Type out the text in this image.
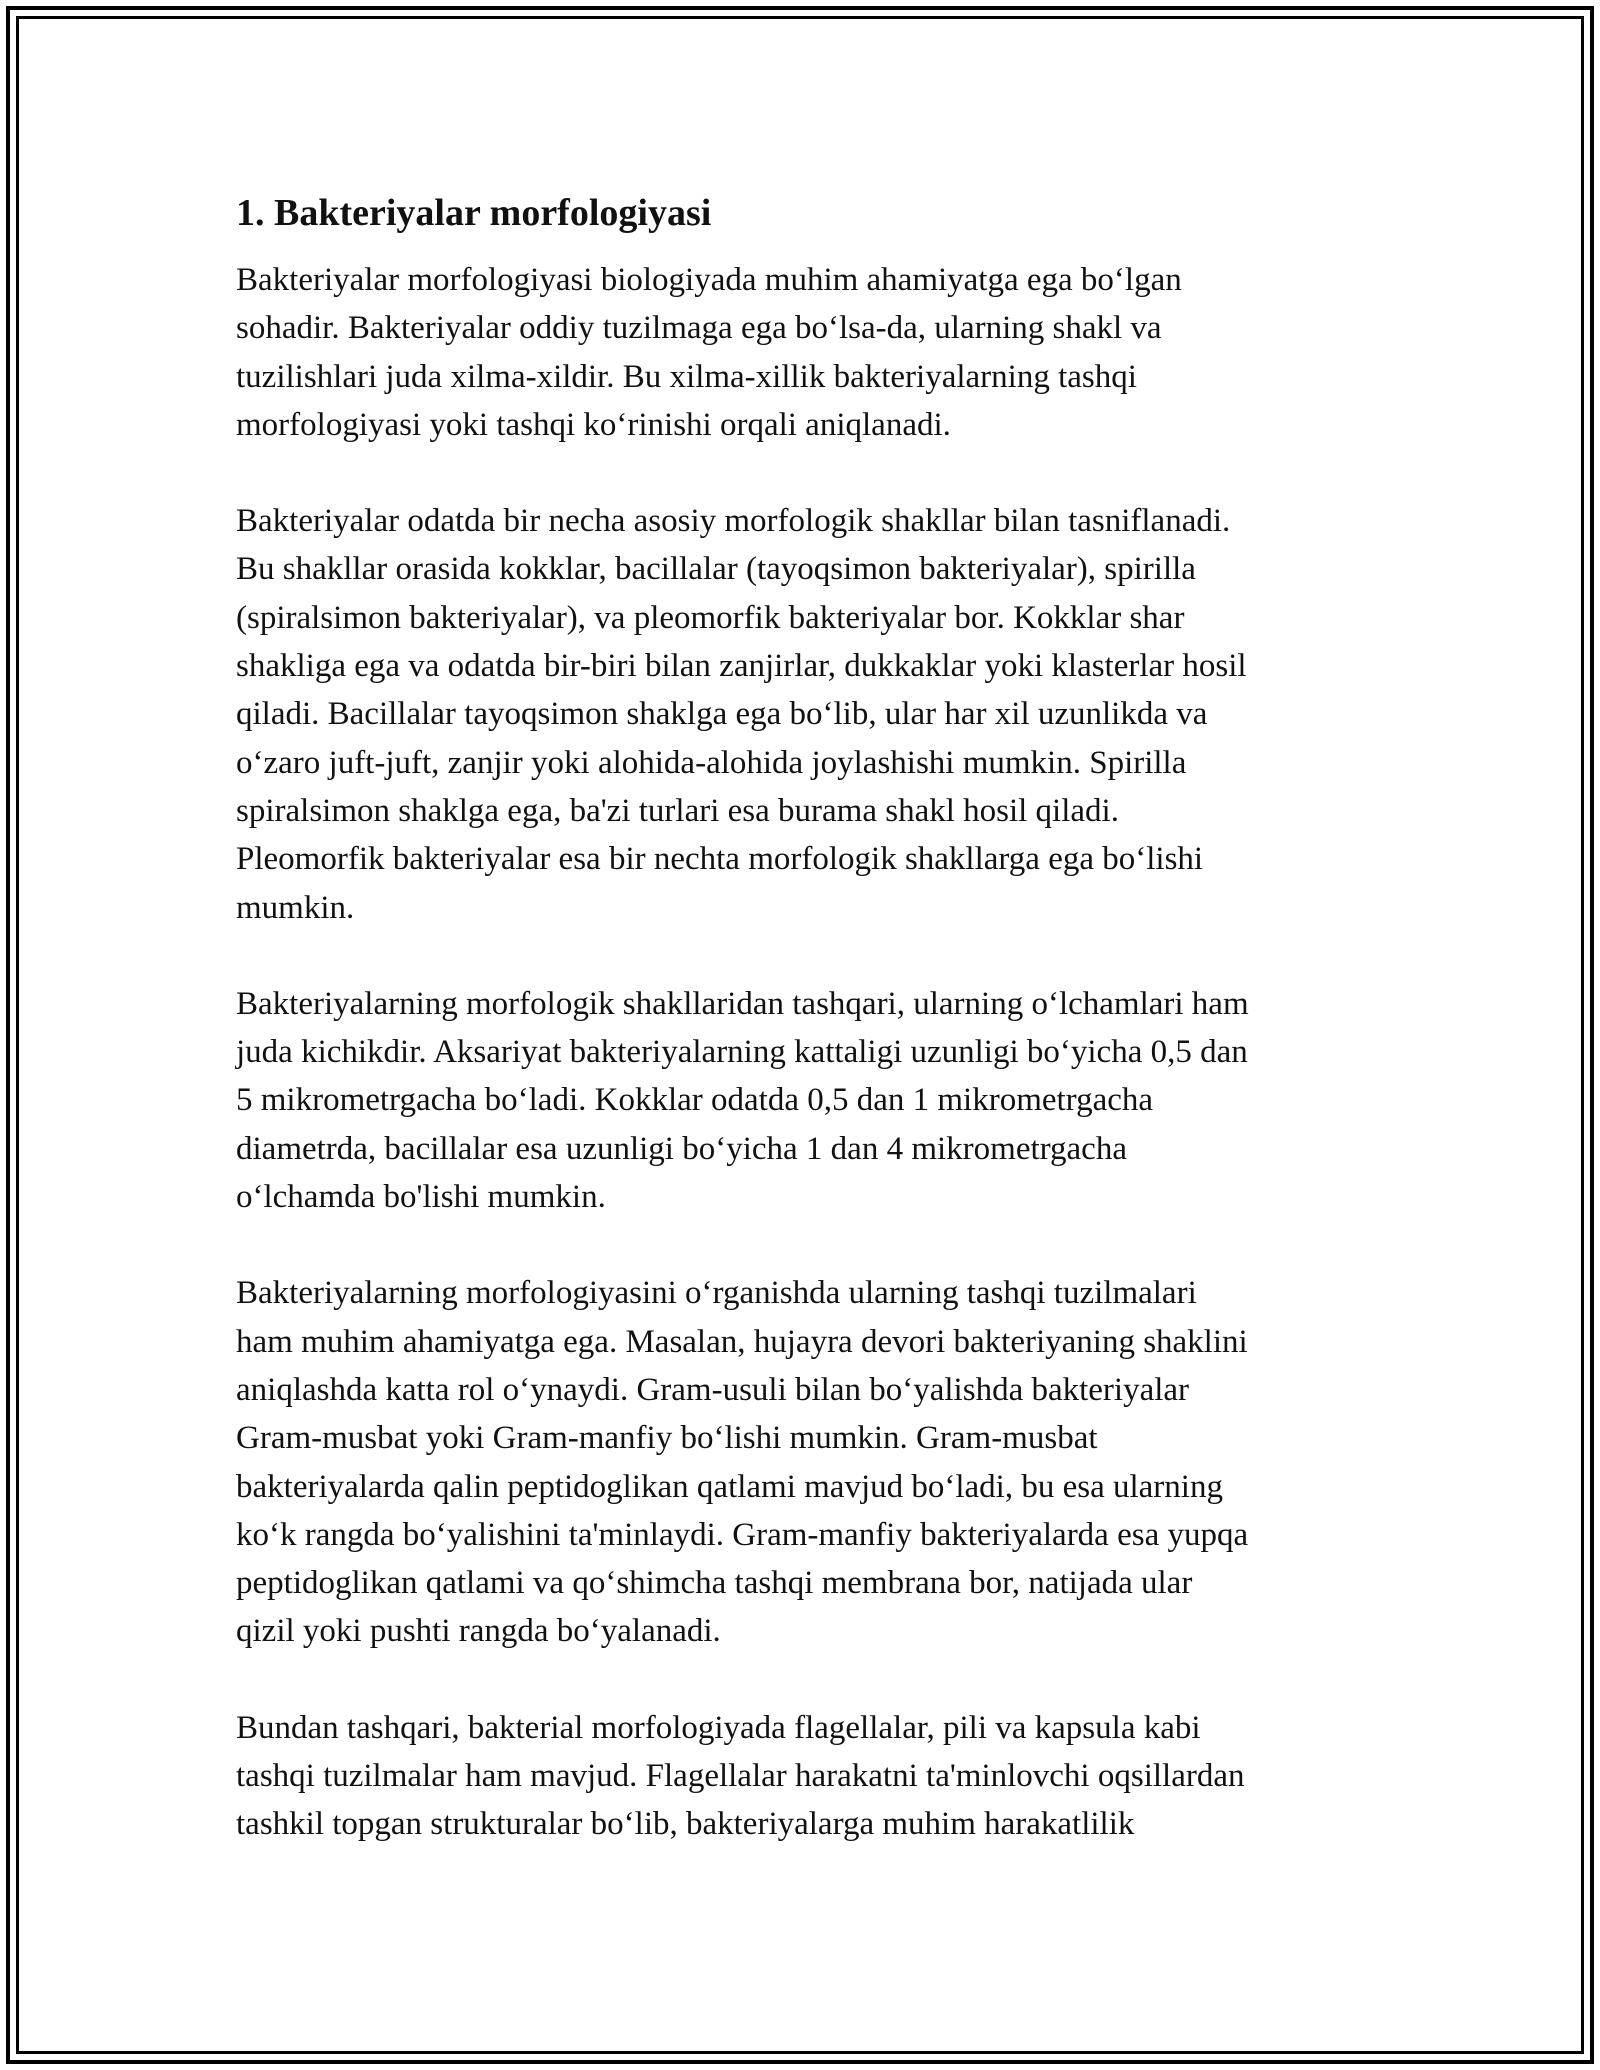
1. Bakteriyalar morfologiyasi

Bakteriyalar morfologiyasi biologiyada muhim ahamiyatga ega boʻlgan
sohadir. Bakteriyalar oddiy tuzilmaga ega boʻlsa-da, ularning shakl va
tuzilishlari juda xilma-xildir. Bu xilma-xillik bakteriyalarning tashqi
morfologiyasi yoki tashqi koʻrinishi orqali aniqlanadi.

Bakteriyalar odatda bir necha asosiy morfologik shakllar bilan tasniflanadi.
Bu shakllar orasida kokklar, bacillalar (tayoqsimon bakteriyalar), spirilla
(spiralsimon bakteriyalar), va pleomorfik bakteriyalar bor. Kokklar shar
shakliga ega va odatda bir-biri bilan zanjirlar, dukkaklar yoki klasterlar hosil
qiladi. Bacillalar tayoqsimon shaklga ega boʻlib, ular har xil uzunlikda va
oʻzaro juft-juft, zanjir yoki alohida-alohida joylashishi mumkin. Spirilla
spiralsimon shaklga ega, ba'zi turlari esa burama shakl hosil qiladi.
Pleomorfik bakteriyalar esa bir nechta morfologik shakllarga ega boʻlishi
mumkin.

Bakteriyalarning morfologik shakllaridan tashqari, ularning oʻlchamlari ham
juda kichikdir. Aksariyat bakteriyalarning kattaligi uzunligi boʻyicha 0,5 dan
5 mikrometrgacha boʻladi. Kokklar odatda 0,5 dan 1 mikrometrgacha
diametrda, bacillalar esa uzunligi boʻyicha 1 dan 4 mikrometrgacha
oʻlchamda bo'lishi mumkin.

Bakteriyalarning morfologiyasini oʻrganishda ularning tashqi tuzilmalari
ham muhim ahamiyatga ega. Masalan, hujayra devori bakteriyaning shaklini
aniqlashda katta rol oʻynaydi. Gram-usuli bilan boʻyalishda bakteriyalar
Gram-musbat yoki Gram-manfiy boʻlishi mumkin. Gram-musbat
bakteriyalarda qalin peptidoglikan qatlami mavjud boʻladi, bu esa ularning
koʻk rangda boʻyalishini ta'minlaydi. Gram-manfiy bakteriyalarda esa yupqa
peptidoglikan qatlami va qoʻshimcha tashqi membrana bor, natijada ular
qizil yoki pushti rangda boʻyalanadi.

Bundan tashqari, bakterial morfologiyada flagellalar, pili va kapsula kabi
tashqi tuzilmalar ham mavjud. Flagellalar harakatni ta'minlovchi oqsillardan
tashkil topgan strukturalar boʻlib, bakteriyalarga muhim harakatlilik
